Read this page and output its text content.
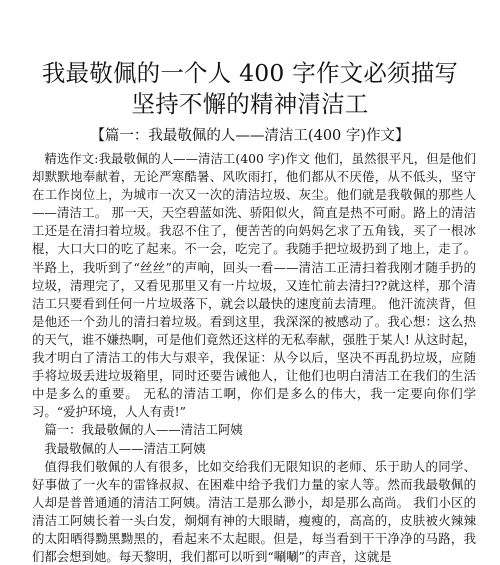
我最敬佩的一个人 400 字作文必须描写
坚持不懈的精神清洁工
【篇一：我最敬佩的人——清洁工(400 字)作文】

精选作文:我最敬佩的人——清洁工(400 字)作文 他们，虽然很平凡，但是他们却默默地奉献着，无论严寒酷暑、风吹雨打，他们都从不厌倦，从不低头，坚守在工作岗位上，为城市一次又一次的清洁垃圾、灰尘。他们就是我敬佩的那些人——清洁工。 那一天，天空碧蓝如洗、骄阳似火，简直是热不可耐。路上的清洁工还是在清扫着垃圾。我忍不住了，便苦苦的向妈妈乞求了五角钱，买了一根冰棍，大口大口的吃了起来。不一会，吃完了。我随手把垃圾扔到了地上，走了。 半路上，我听到了“丝丝”的声响，回头一看——清洁工正清扫着我刚才随手扔的垃圾，清理完了，又看见那里又有一片垃圾，又连忙前去清扫??就这样，那个清洁工只要看到任何一片垃圾落下，就会以最快的速度前去清理。 他汗流浃背，但是他还一个劲儿的清扫着垃圾。看到这里，我深深的被感动了。我心想：这么热的天气，谁不嫌热啊，可是他们竟然还这样的无私奉献，强胜于某人! 从这时起，我才明白了清洁工的伟大与艰辛，我保证：从今以后，坚决不再乱扔垃圾，应随手将垃圾丢进垃圾箱里，同时还要告诫他人，让他们也明白清洁工在我们的生活中是多么的重要。 无私的清洁工啊，你们是多么的伟大，我一定要向你们学习。“爱护环境，人人有责!”

篇一：我最敬佩的人——清洁工阿姨

我最敬佩的人——清洁工阿姨

值得我们敬佩的人有很多，比如交给我们无限知识的老师、乐于助人的同学、好事做了一火车的雷锋叔叔、在困难中给予我们力量的家人等。然而我最敬佩的人却是普普通通的清洁工阿姨。清洁工是那么渺小，却是那么高尚。 我们小区的清洁工阿姨长着一头白发，炯炯有神的大眼睛，瘦瘦的，高高的，皮肤被火辣辣的太阳晒得黝黑黝黑的，看起来不太起眼。但是，每当看到干干净净的马路，我们都会想到她。每天黎明，我们都可以听到“唰唰”的声音，这就是
